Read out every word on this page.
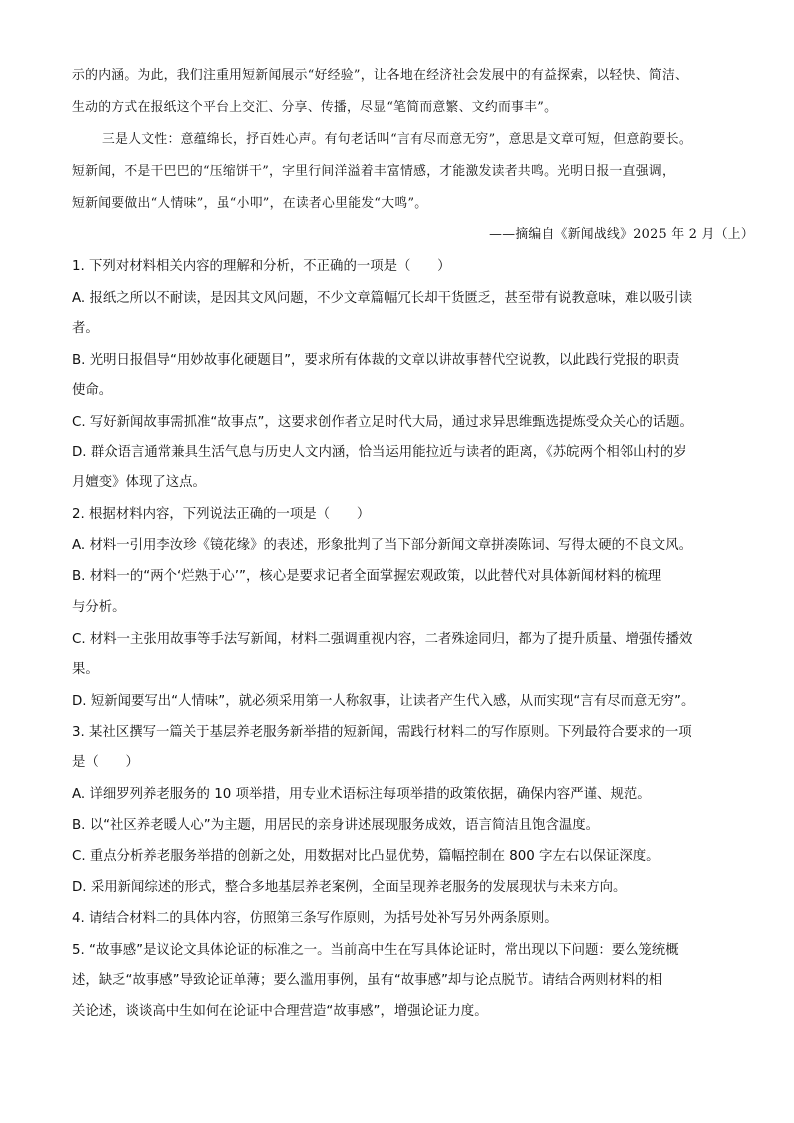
示的内涵。为此，我们注重用短新闻展示“好经验”，让各地在经济社会发展中的有益探索，以轻快、简洁、
生动的方式在报纸这个平台上交汇、分享、传播，尽显“笔简而意繁、文约而事丰”。
三是人文性：意蕴绵长，抒百姓心声。有句老话叫“言有尽而意无穷”，意思是文章可短，但意韵要长。
短新闻，不是干巴巴的“压缩饼干”，字里行间洋溢着丰富情感，才能激发读者共鸣。光明日报一直强调，
短新闻要做出“人情味”，虽“小叩”，在读者心里能发“大鸣”。
——摘编自《新闻战线》2025 年 2 月（上）
1. 下列对材料相关内容的理解和分析，不正确的一项是（　　）
A. 报纸之所以不耐读，是因其文风问题，不少文章篇幅冗长却干货匮乏，甚至带有说教意味，难以吸引读
者。
B. 光明日报倡导“用妙故事化硬题目”，要求所有体裁的文章以讲故事替代空说教，以此践行党报的职责
使命。
C. 写好新闻故事需抓准“故事点”，这要求创作者立足时代大局，通过求异思维甄选提炼受众关心的话题。
D. 群众语言通常兼具生活气息与历史人文内涵，恰当运用能拉近与读者的距离，《苏皖两个相邻山村的岁
月嬗变》体现了这点。
2. 根据材料内容，下列说法正确的一项是（　　）
A. 材料一引用李汝珍《镜花缘》的表述，形象批判了当下部分新闻文章拼凑陈词、写得太硬的不良文风。
B. 材料一的“两个‘烂熟于心’”，核心是要求记者全面掌握宏观政策，以此替代对具体新闻材料的梳理
与分析。
C. 材料一主张用故事等手法写新闻，材料二强调重视内容，二者殊途同归，都为了提升质量、增强传播效
果。
D. 短新闻要写出“人情味”，就必须采用第一人称叙事，让读者产生代入感，从而实现“言有尽而意无穷”。
3. 某社区撰写一篇关于基层养老服务新举措的短新闻，需践行材料二的写作原则。下列最符合要求的一项
是（　　）
A. 详细罗列养老服务的 10 项举措，用专业术语标注每项举措的政策依据，确保内容严谨、规范。
B. 以“社区养老暖人心”为主题，用居民的亲身讲述展现服务成效，语言简洁且饱含温度。
C. 重点分析养老服务举措的创新之处，用数据对比凸显优势，篇幅控制在 800 字左右以保证深度。
D. 采用新闻综述的形式，整合多地基层养老案例，全面呈现养老服务的发展现状与未来方向。
4. 请结合材料二的具体内容，仿照第三条写作原则，为括号处补写另外两条原则。
5. “故事感”是议论文具体论证的标准之一。当前高中生在写具体论证时，常出现以下问题：要么笼统概
述，缺乏“故事感”导致论证单薄；要么滥用事例，虽有“故事感”却与论点脱节。请结合两则材料的相
关论述，谈谈高中生如何在论证中合理营造“故事感”，增强论证力度。
